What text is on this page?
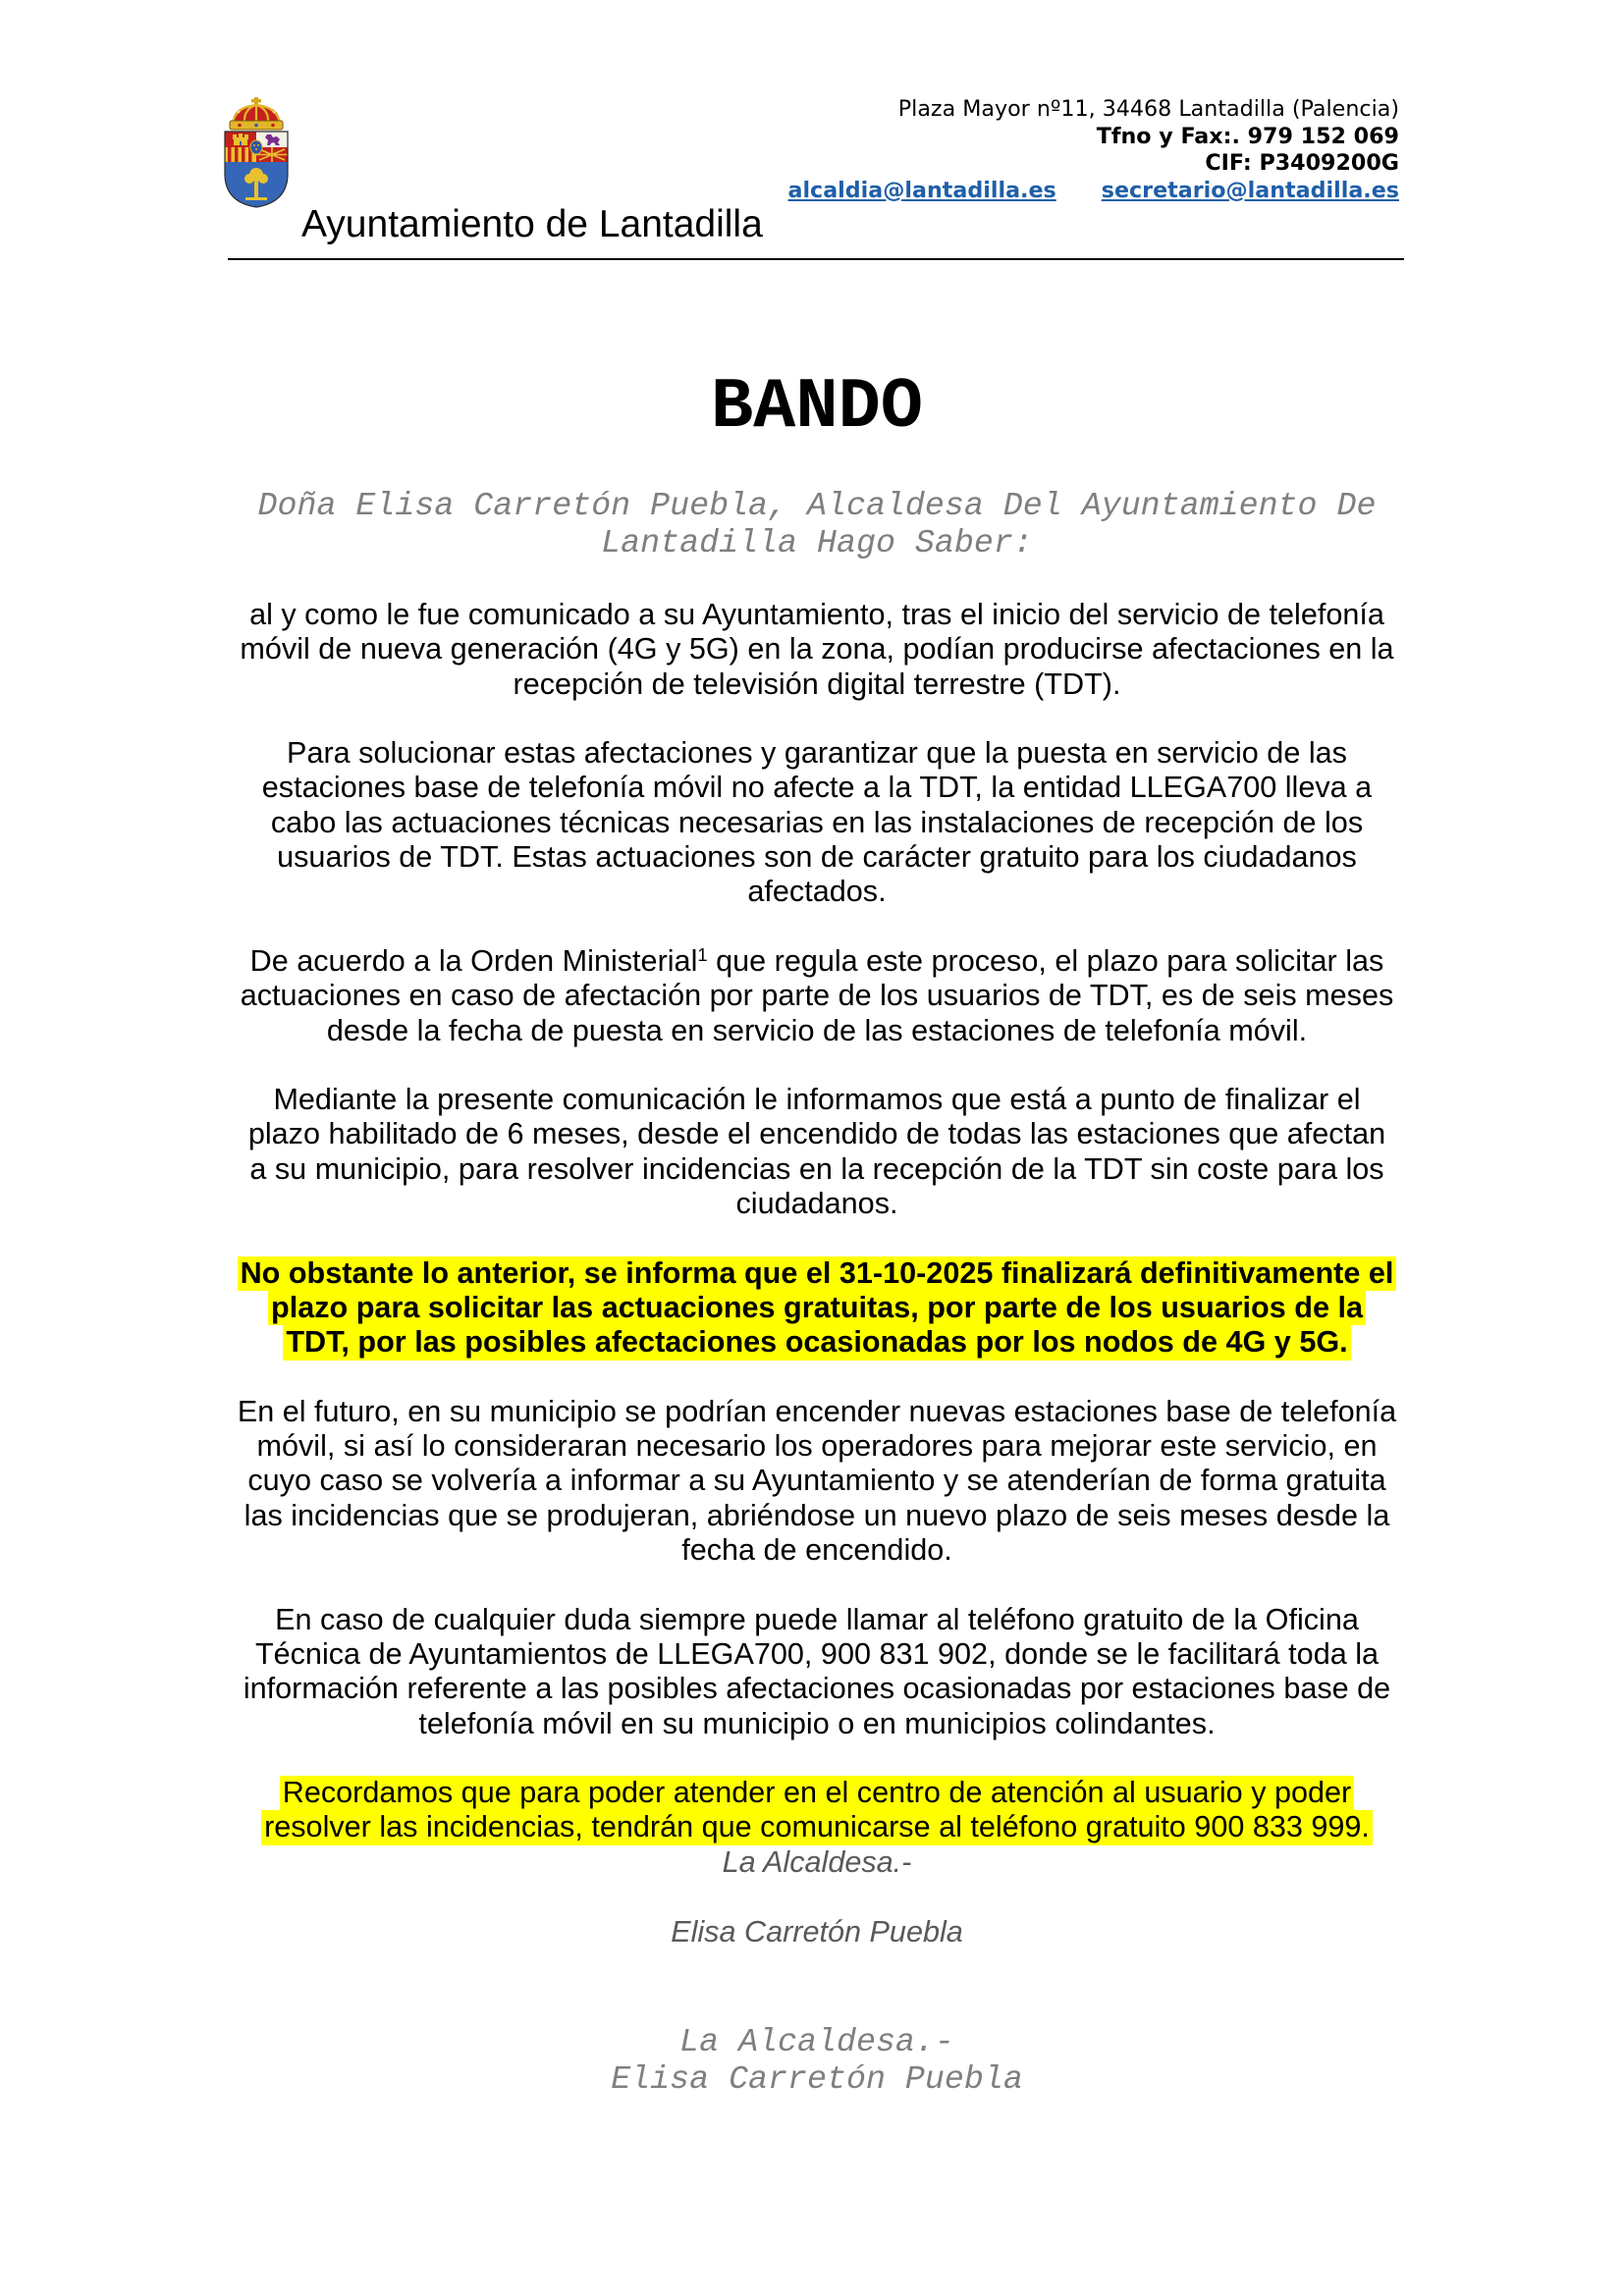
Ayuntamiento de Lantadilla
Plaza Mayor nº11, 34468 Lantadilla (Palencia)
Tfno y Fax:. 979 152 069
CIF: P3409200G
alcaldia@lantadilla.es secretario@lantadilla.es
BANDO
Doña Elisa Carretón Puebla, Alcaldesa Del Ayuntamiento De
Lantadilla Hago Saber:
al y como le fue comunicado a su Ayuntamiento, tras el inicio del servicio de telefonía
móvil de nueva generación (4G y 5G) en la zona, podían producirse afectaciones en la
recepción de televisión digital terrestre (TDT).
Para solucionar estas afectaciones y garantizar que la puesta en servicio de las
estaciones base de telefonía móvil no afecte a la TDT, la entidad LLEGA700 lleva a
cabo las actuaciones técnicas necesarias en las instalaciones de recepción de los
usuarios de TDT. Estas actuaciones son de carácter gratuito para los ciudadanos
afectados.
De acuerdo a la Orden Ministerial$^1$ que regula este proceso, el plazo para solicitar las
actuaciones en caso de afectación por parte de los usuarios de TDT, es de seis meses
desde la fecha de puesta en servicio de las estaciones de telefonía móvil.
Mediante la presente comunicación le informamos que está a punto de finalizar el
plazo habilitado de 6 meses, desde el encendido de todas las estaciones que afectan
a su municipio, para resolver incidencias en la recepción de la TDT sin coste para los
ciudadanos.
No obstante lo anterior, se informa que el 31-10-2025 finalizará definitivamente el
plazo para solicitar las actuaciones gratuitas, por parte de los usuarios de la
TDT, por las posibles afectaciones ocasionadas por los nodos de 4G y 5G.
En el futuro, en su municipio se podrían encender nuevas estaciones base de telefonía
móvil, si así lo consideraran necesario los operadores para mejorar este servicio, en
cuyo caso se volvería a informar a su Ayuntamiento y se atenderían de forma gratuita
las incidencias que se produjeran, abriéndose un nuevo plazo de seis meses desde la
fecha de encendido.
En caso de cualquier duda siempre puede llamar al teléfono gratuito de la Oficina
Técnica de Ayuntamientos de LLEGA700, 900 831 902, donde se le facilitará toda la
información referente a las posibles afectaciones ocasionadas por estaciones base de
telefonía móvil en su municipio o en municipios colindantes.
Recordamos que para poder atender en el centro de atención al usuario y poder
resolver las incidencias, tendrán que comunicarse al teléfono gratuito 900 833 999.
La Alcaldesa.-
Elisa Carretón Puebla
La Alcaldesa.-
Elisa Carretón Puebla
